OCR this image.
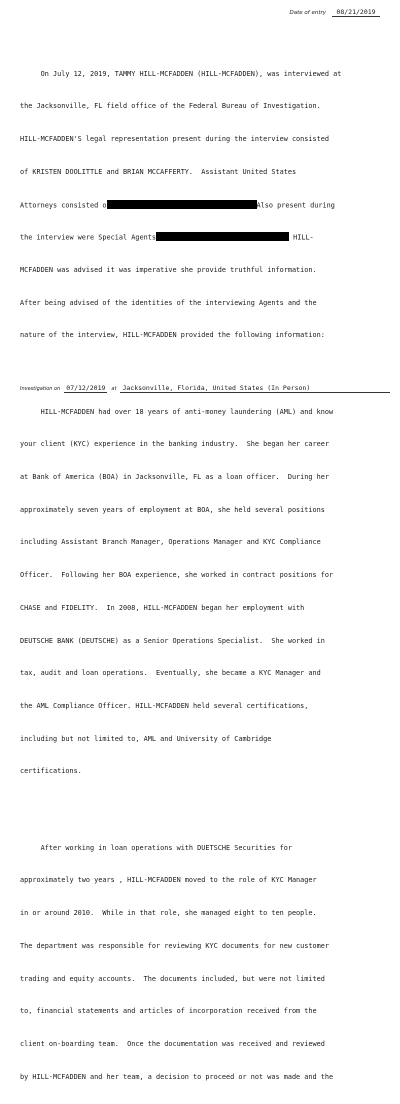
Date of entry	08/21/2019

On July 12, 2019, TAMMY HILL-MCFADDEN (HILL-MCFADDEN), was interviewed at

the Jacksonville, FL field office of the Federal Bureau of Investigation.

HILL-MCFADDEN'S legal representation present during the interview consisted

of KRISTEN DOOLITTLE and BRIAN MCCAFFERTY.  Assistant United States

Attorneys consisted o	Also present during

the interview were Special Agents	HILL-

MCFADDEN was advised it was imperative she provide truthful information.

After being advised of the identities of the interviewing Agents and the

nature of the interview, HILL-MCFADDEN provided the following information:

HILL-MCFADDEN had over 18 years of anti-money laundering (AML) and know

your client (KYC) experience in the banking industry.  She began her career

at Bank of America (BOA) in Jacksonville, FL as a loan officer.  During her

approximately seven years of employment at BOA, she held several positions

including Assistant Branch Manager, Operations Manager and KYC Compliance

Officer.  Following her BOA experience, she worked in contract positions for

CHASE and FIDELITY.  In 2008, HILL-MCFADDEN began her employment with

DEUTSCHE BANK (DEUTSCHE) as a Senior Operations Specialist.  She worked in

tax, audit and loan operations.  Eventually, she became a KYC Manager and

the AML Compliance Officer. HILL-MCFADDEN held several certifications,

including but not limited to, AML and University of Cambridge

certifications.

After working in loan operations with DUETSCHE Securities for

approximately two years , HILL-MCFADDEN moved to the role of KYC Manager

in or around 2010.  While in that role, she managed eight to ten people.

The department was responsible for reviewing KYC documents for new customer

trading and equity accounts.  The documents included, but were not limited

to, financial statements and articles of incorporation received from the

client on-boarding team.  Once the documentation was received and reviewed

by HILL-MCFADDEN and her team, a decision to proceed or not was made and the

Investigation on 07/12/2019	at Jacksonville, Florida, United States (In Person)
